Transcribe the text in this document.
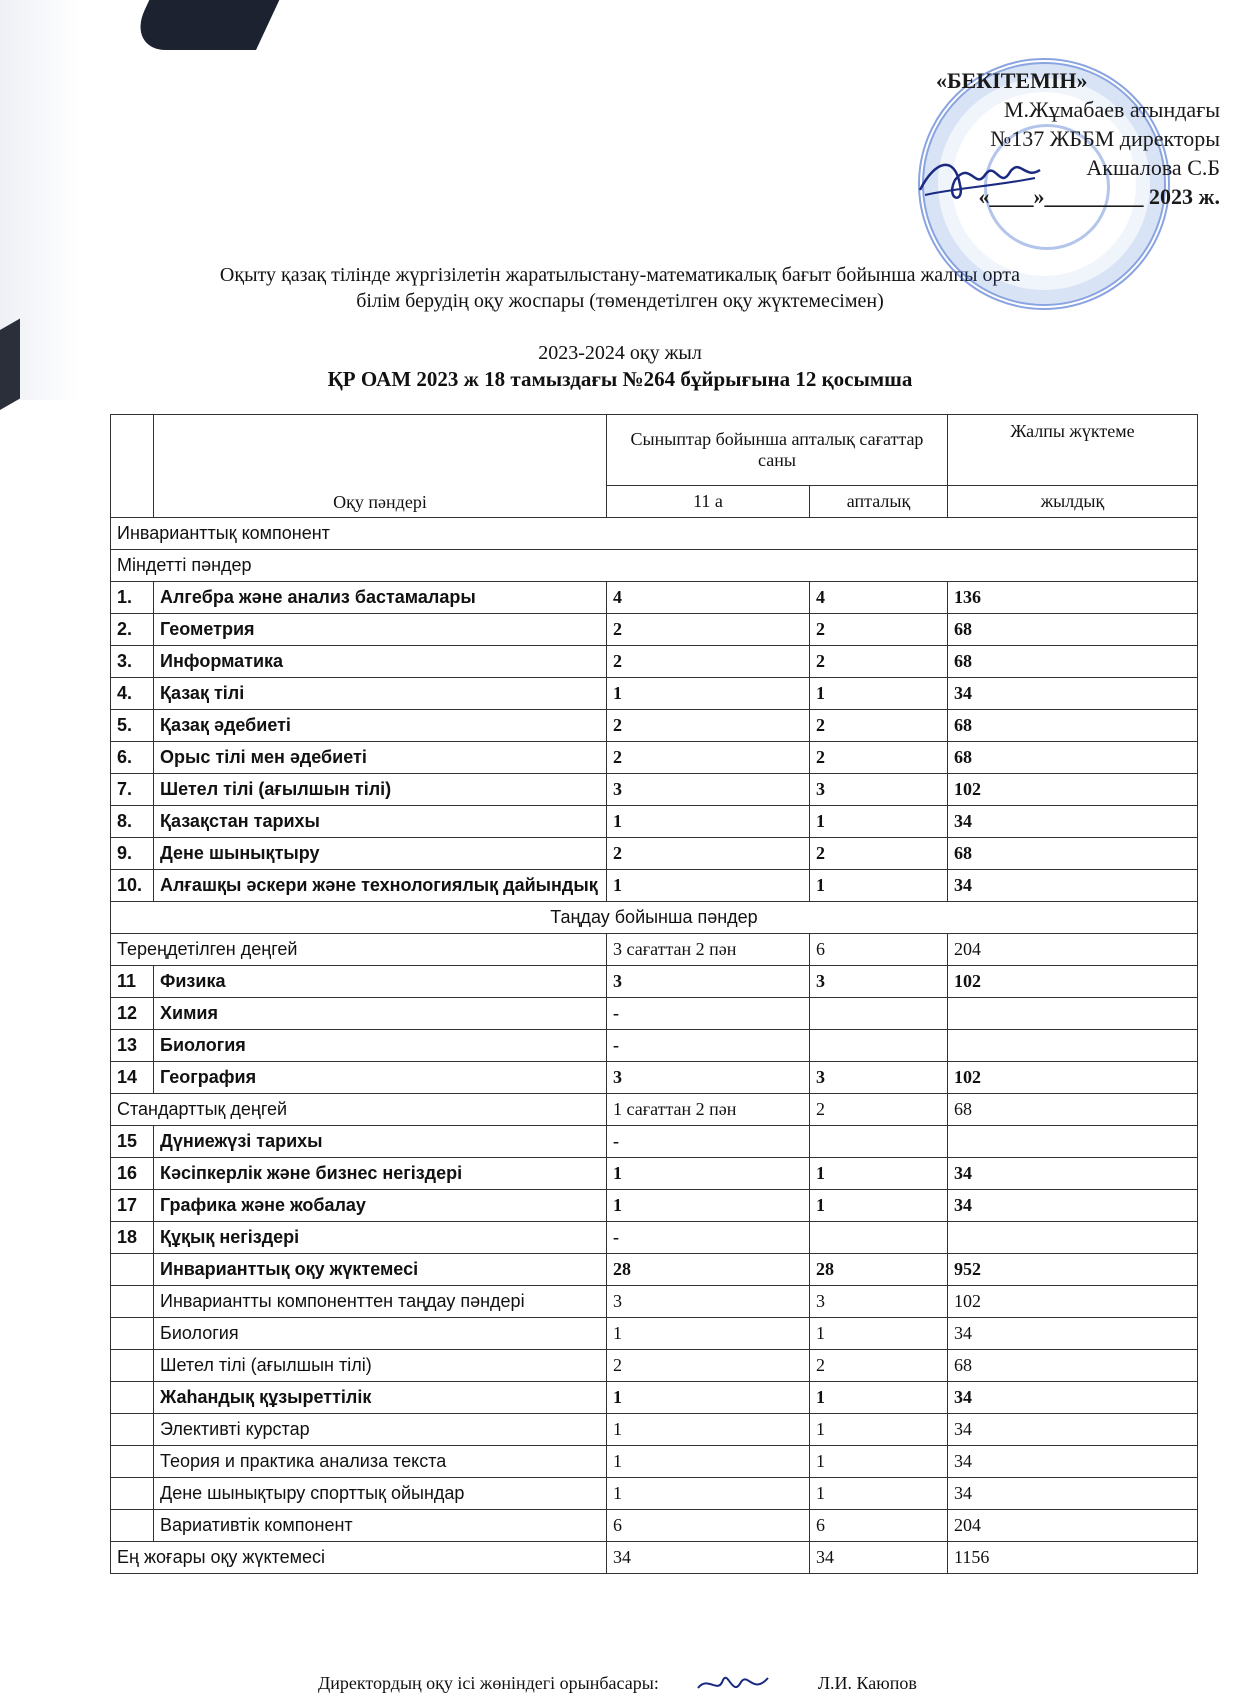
«БЕКІТЕМІН»
М.Жұмабаев атындағы
№137 ЖББМ директоры
Акшалова С.Б
«____»_________ 2023 ж.
Оқыту қазақ тілінде жүргізілетін жаратылыстану-математикалық бағыт бойынша жалпы орта
білім берудің оқу жоспары (төмендетілген оқу жүктемесімен)
2023-2024 оқу жыл
ҚР ОАМ 2023 ж 18 тамыздағы №264 бұйрығына 12 қосымша
	Оқу пәндері	Сыныптар бойынша апталық сағаттар саны		Жалпы жүктеме
		11 а	апталық	жылдық
Инварианттық компонент				
Міндетті пәндер				
1.	Алгебра және анализ бастамалары	4	4	136
2.	Геометрия	2	2	68
3.	Информатика	2	2	68
4.	Қазақ тілі	1	1	34
5.	Қазақ әдебиеті	2	2	68
6.	Орыс тілі мен әдебиеті	2	2	68
7.	Шетел тілі (ағылшын тілі)	3	3	102
8.	Қазақстан тарихы	1	1	34
9.	Дене шынықтыру	2	2	68
10.	Алғашқы әскери және технологиялық дайындық	1	1	34
Таңдау бойынша пәндер				
Тереңдетілген деңгей		3 сағаттан 2 пән	6	204
11	Физика	3	3	102
12	Химия	-		
13	Биология	-		
14	География	3	3	102
Стандарттық деңгей		1 сағаттан 2 пән	2	68
15	Дүниежүзі тарихы	-		
16	Кәсіпкерлік және бизнес негіздері	1	1	34
17	Графика және жобалау	1	1	34
18	Құқық негіздері	-		
	Инварианттық оқу жүктемесі	28	28	952
	Инвариантты компоненттен таңдау пәндері	3	3	102
	Биология	1	1	34
	Шетел тілі (ағылшын тілі)	2	2	68
	Жаһандық құзыреттілік	1	1	34
	Элективті курстар	1	1	34
	Теория и практика анализа текста	1	1	34
	Дене шынықтыру спорттық ойындар	1	1	34
	Вариативтік компонент	6	6	204
Ең жоғары оқу жүктемесі		34	34	1156
Директордың оқу ісі жөніндегі орынбасары:	Л.И. Каюпов
